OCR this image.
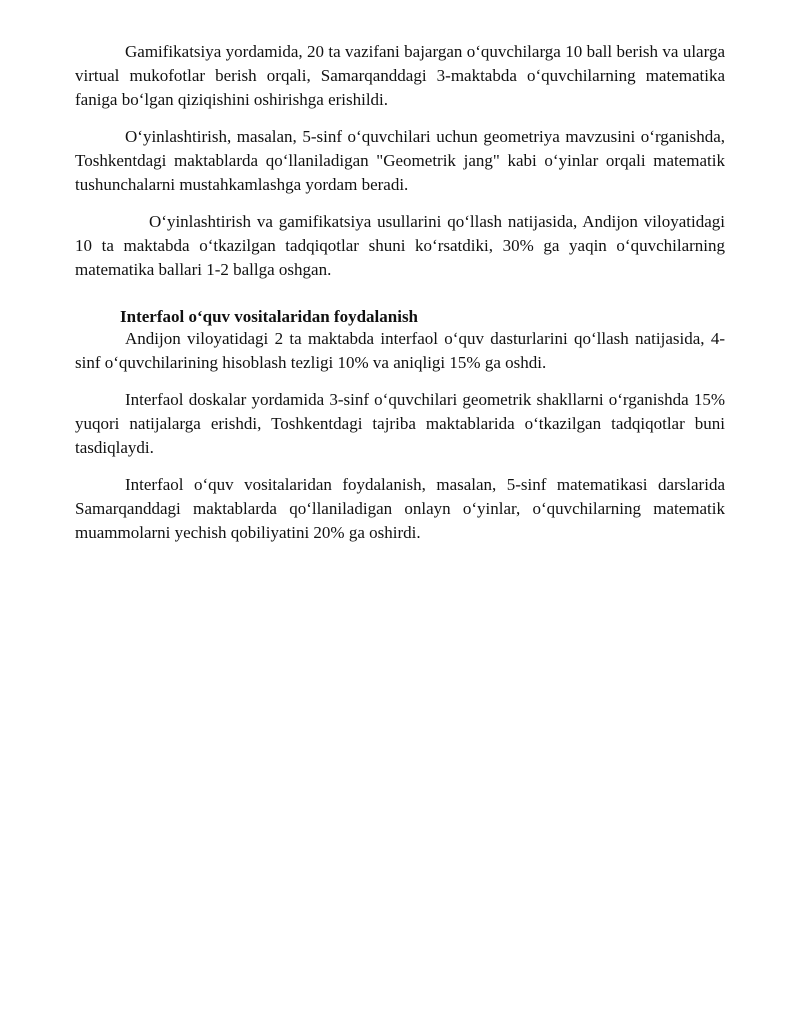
Gamifikatsiya yordamida, 20 ta vazifani bajargan o‘quvchilarga 10 ball berish va ularga virtual mukofotlar berish orqali, Samarqanddagi 3-maktabda o‘quvchilarning matematika faniga bo‘lgan qiziqishini oshirishga erishildi.

O‘yinlashtirish, masalan, 5-sinf o‘quvchilari uchun geometriya mavzusini o‘rganishda, Toshkentdagi maktablarda qo‘llaniladigan "Geometrik jang" kabi o‘yinlar orqali matematik tushunchalarni mustahkamlashga yordam beradi.

O‘yinlashtirish va gamifikatsiya usullarini qo‘llash natijasida, Andijon viloyatidagi 10 ta maktabda o‘tkazilgan tadqiqotlar shuni ko‘rsatdiki, 30% ga yaqin o‘quvchilarning matematika ballari 1-2 ballga oshgan.

Interfaol o‘quv vositalaridan foydalanish

Andijon viloyatidagi 2 ta maktabda interfaol o‘quv dasturlarini qo‘llash natijasida, 4-sinf o‘quvchilarining hisoblash tezligi 10% va aniqligi 15% ga oshdi.

Interfaol doskalar yordamida 3-sinf o‘quvchilari geometrik shakllarni o‘rganishda 15% yuqori natijalarga erishdi, Toshkentdagi tajriba maktablarida o‘tkazilgan tadqiqotlar buni tasdiqlaydi.

Interfaol o‘quv vositalaridan foydalanish, masalan, 5-sinf matematikasi darslarida Samarqanddagi maktablarda qo‘llaniladigan onlayn o‘yinlar, o‘quvchilarning matematik muammolarni yechish qobiliyatini 20% ga oshirdi.
